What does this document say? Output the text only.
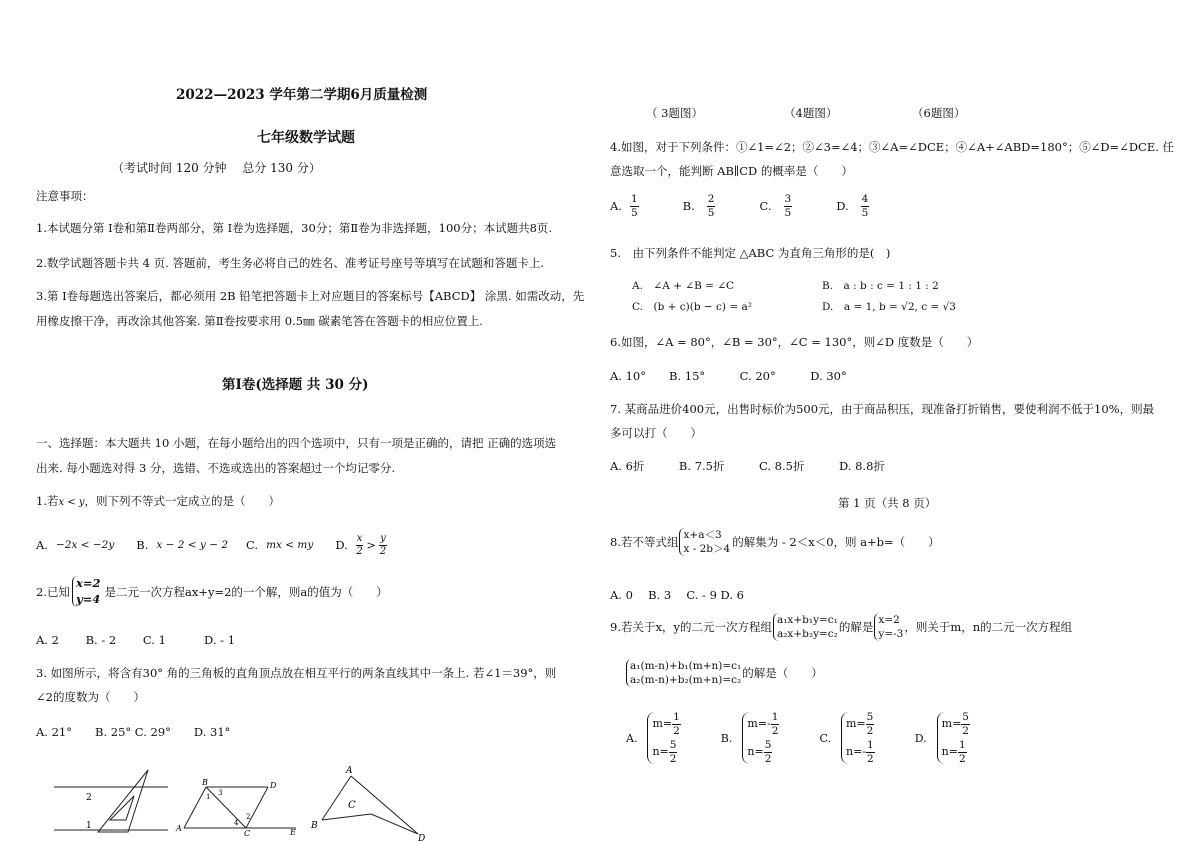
2022—2023 学年第二学期6月质量检测
七年级数学试题
（考试时间 120 分钟　 总分 130 分）
注意事项：
1.本试题分第 Ⅰ卷和第Ⅱ卷两部分，第 Ⅰ卷为选择题，30分；第Ⅱ卷为非选择题，100分；本试题共8页.
2.数学试题答题卡共 4 页. 答题前，考生务必将自己的姓名、准考证号座号等填写在试题和答题卡上.
3.第 Ⅰ卷每题选出答案后，都必须用 2B 铅笔把答题卡上对应题目的答案标号【ABCD】 涂黑. 如需改动，先
用橡皮擦干净，再改涂其他答案. 第Ⅱ卷按要求用 0.5㎜ 碳素笔答在答题卡的相应位置上.
第Ⅰ卷(选择题 共 30 分)
一、选择题：本大题共 10 小题，在每小题给出的四个选项中，只有一项是正确的，请把 正确的选项选
出来. 每小题选对得 3 分，选错、不选或选出的答案超过一个均记零分.
1.若x < y，则下列不等式一定成立的是（　　）
A. −2x < −2y B. x − 2 < y − 2 C. mx < my D. x
2 > y
2
2.已知
x=2
y=4 是二元一次方程ax+y=2的一个解，则a的值为（　　）
A. 2　　 B. - 2　　 C. 1　　　 D. - 1
3. 如图所示，将含有30° 角的三角板的直角顶点放在相互平行的两条直线其中一条上. 若∠1＝39°，则
∠2的度数为（　　）
A. 21°　　B. 25° C. 29°　　D. 31°
2
1
B	D
1 3
2
4
A
C	E
A
C
B
D
（ 3题图）	（4题图）	（6题图）
4.如图，对于下列条件：①∠1=∠2；②∠3=∠4；③∠A=∠DCE；④∠A+∠ABD=180°；⑤∠D=∠DCE. 任
意选取一个，能判断 AB∥CD 的概率是（　　）
A. 1
5	B. 2
5	C. 3
5	D. 4
5
5.　由下列条件不能判定 △ABC 为直角三角形的是(　)
A.　∠A + ∠B = ∠C	B.　a : b : c = 1 : 1 : 2
C.　(b + c)(b − c) = a²	D.　a = 1, b = √2, c = √3
6.如图，∠A = 80°，∠B = 30°，∠C = 130°，则∠D 度数是（　　）
A. 10°　　B. 15°　　　C. 20°　　　D. 30°
7. 某商品进价400元，出售时标价为500元，由于商品积压，现准备打折销售，要使利润不低于10%，则最
多可以打（　　）
A. 6折　　　B. 7.5折　　　C. 8.5折　　　D. 8.8折
第 1 页（共 8 页）
8.若不等式组
x+a＜3
x - 2b＞4 的解集为 - 2＜x＜0，则 a+b=（　　）
A. 0　 B. 3　 C. - 9 D. 6
9.若关于x，y的二元一次方程组
a₁x+b₁y=c₁
a₂x+b₂y=c₂ 的解是
x=2
y=-3 ，则关于m，n的二元一次方程组
a₁(m-n)+b₁(m+n)=c₁
a₂(m-n)+b₂(m+n)=c₂ 的解是（　　）
A.
$m= \frac{1}{2}$
$n= \frac{5}{2}$
B.
$m=- \frac{1}{2}$
$n= \frac{5}{2}$
C.
$m= \frac{5}{2}$
$n=- \frac{1}{2}$
D.
$m= \frac{5}{2}$
$n= \frac{1}{2}$
